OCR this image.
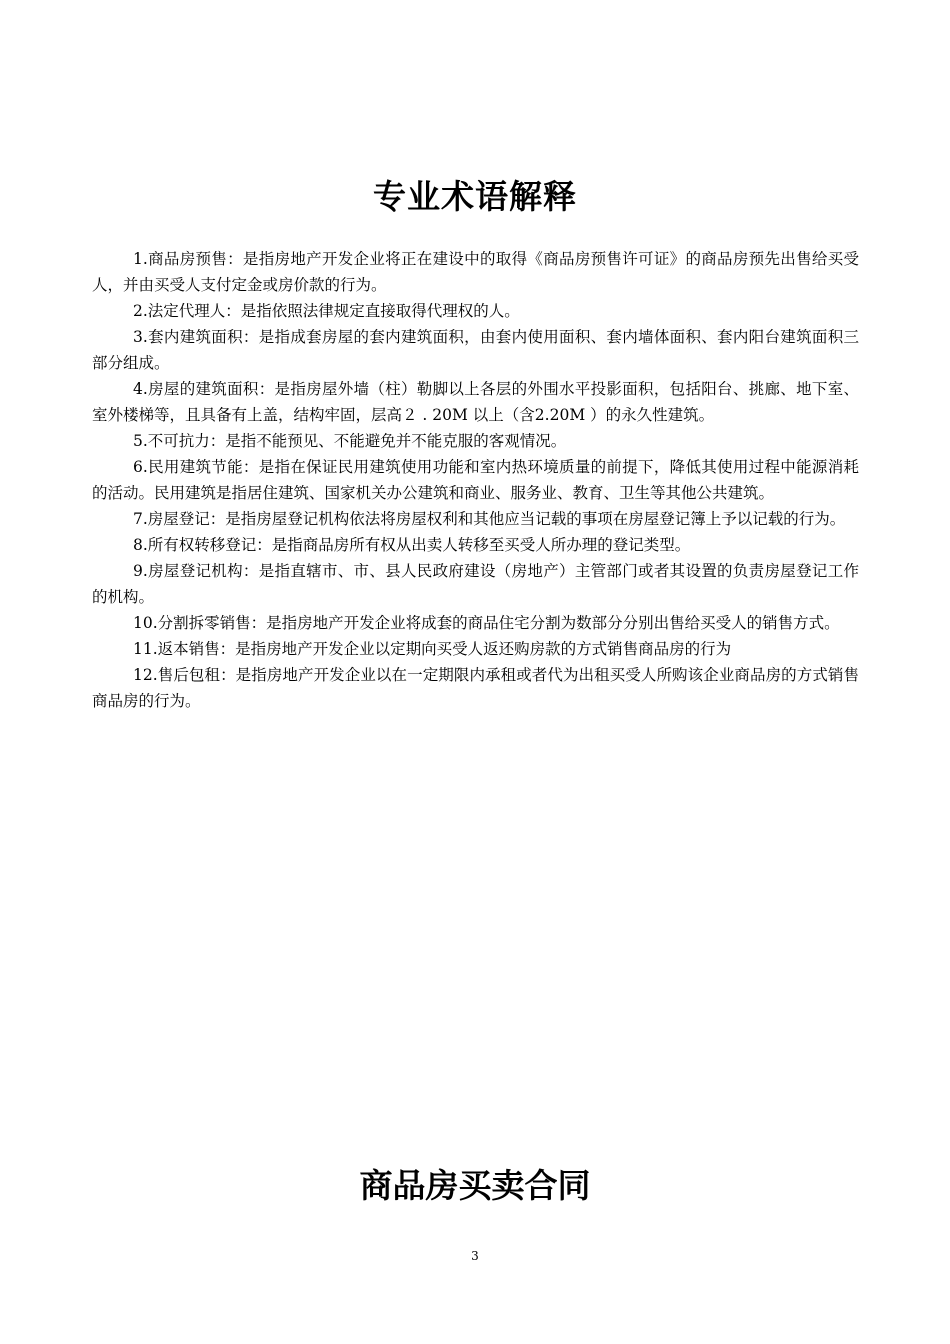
专业术语解释

1.商品房预售：是指房地产开发企业将正在建设中的取得《商品房预售许可证》的商品房预先出售给买受人，并由买受人支付定金或房价款的行为。

2.法定代理人：是指依照法律规定直接取得代理权的人。

3.套内建筑面积：是指成套房屋的套内建筑面积，由套内使用面积、套内墙体面积、套内阳台建筑面积三部分组成。

4.房屋的建筑面积：是指房屋外墙（柱）勒脚以上各层的外围水平投影面积，包括阳台、挑廊、地下室、室外楼梯等，且具备有上盖，结构牢固，层高２ . 20M 以上（含2.20M ）的永久性建筑。

5.不可抗力：是指不能预见、不能避免并不能克服的客观情况。

6.民用建筑节能：是指在保证民用建筑使用功能和室内热环境质量的前提下，降低其使用过程中能源消耗的活动。民用建筑是指居住建筑、国家机关办公建筑和商业、服务业、教育、卫生等其他公共建筑。

7.房屋登记：是指房屋登记机构依法将房屋权利和其他应当记载的事项在房屋登记簿上予以记载的行为。

8.所有权转移登记：是指商品房所有权从出卖人转移至买受人所办理的登记类型。

9.房屋登记机构：是指直辖市、市、县人民政府建设（房地产）主管部门或者其设置的负责房屋登记工作的机构。

10.分割拆零销售：是指房地产开发企业将成套的商品住宅分割为数部分分别出售给买受人的销售方式。

11.返本销售：是指房地产开发企业以定期向买受人返还购房款的方式销售商品房的行为

12.售后包租：是指房地产开发企业以在一定期限内承租或者代为出租买受人所购该企业商品房的方式销售商品房的行为。

商品房买卖合同
3
